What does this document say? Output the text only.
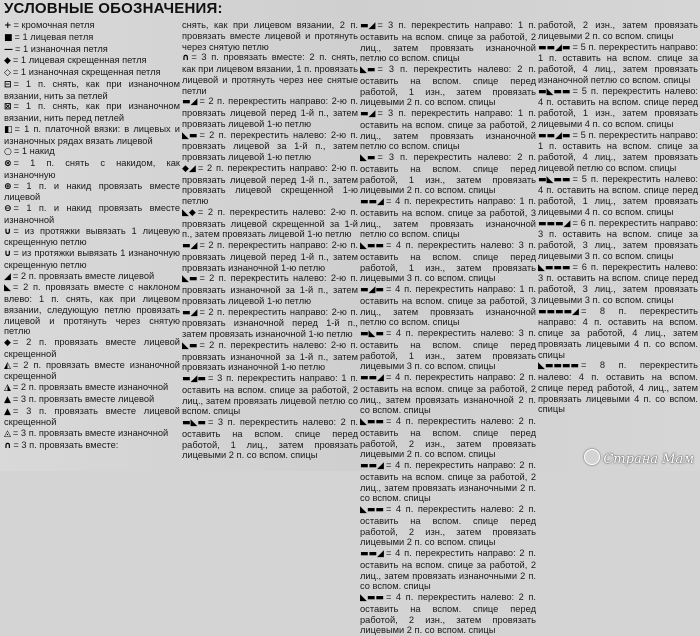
УСЛОВНЫЕ ОБОЗНАЧЕНИЯ:
+ = кромочная петля
■ = 1 лицевая петля
— = 1 изнаночная петля
◆ = 1 лицевая скрещенная петля
◇ = 1 изнаночная скрещенная петля
⊟ = 1 п. снять, как при изнаночном вязании, нить за петлей
⊠ = 1 п. снять, как при изнаночном вязании, нить перед петлей
◧ = 1 п. платочной вязки: в лицевых и изнаночных рядах вязать лицевой
○ = 1 накид
⊗ = 1 п. снять с накидом, как изнаночную
⊕ = 1 п. и накид провязать вместе лицевой
⊖ = 1 п. и накид провязать вместе изнаночной
∪ = из протяжки вывязать 1 лицевую скрещенную петлю
∪ = из протяжки вывязать 1 изнаночную скрещенную петлю
◢ = 2 п. провязать вместе лицевой
◣ = 2 п. провязать вместе с наклоном влево: 1 п. снять, как при лицевом вязании, следующую петлю провязать лицевой и протянуть через снятую петлю
◆ = 2 п. провязать вместе лицевой скрещенной
◭ = 2 п. провязать вместе изнаночной скрещенной
◮ = 2 п. провязать вместе изнаночной
▲ = 3 п. провязать вместе лицевой
▲ = 3 п. провязать вместе лицевой скрещенной
◬ = 3 п. провязать вместе изнаночной
∩ = 3 п. провязать вместе:
снять, как при лицевом вязании, 2 п. провязать вместе лицевой и протянуть через снятую петлю
∩ = 3 п. провязать вместе: 2 п. снять, как при лицевом вязании, 1 п. провязать лицевой и протянуть через нее снятые петли
▬◢ = 2 п. перекрестить направо: 2-ю п. провязать лицевой перед 1-й п., затем провязать лицевой 1-ю петлю
◣▬ = 2 п. перекрестить налево: 2-ю п. провязать лицевой за 1-й п., затем провязать лицевой 1-ю петлю
◆◢ = 2 п. перекрестить направо: 2-ю п. провязать лицевой перед 1-й п., затем провязать лицевой скрещенной 1-ю петлю
◣◆ = 2 п. перекрестить налево: 2-ю п. провязать лицевой скрещенной за 1-й п., затем провязать лицевой 1-ю петлю
▬◢ = 2 п. перекрестить направо: 2-ю п. провязать лицевой перед 1-й п., затем провязать изнаночной 1-ю петлю
◣▬ = 2 п. перекрестить налево: 2-ю п. провязать изнаночной за 1-й п., затем провязать лицевой 1-ю петлю
▬◢ = 2 п. перекрестить направо: 2-ю п. провязать изнаночной перед 1-й п., затем провязать изнаночной 1-ю петлю
◣▬ = 2 п. перекрестить налево: 2-ю п. провязать изнаночной за 1-й п., затем провязать изнаночной 1-ю петлю
▬◢▬ = 3 п. перекрестить направо: 1 п. оставить на вспом. спице за работой, 2 лиц., затем провязать лицевой петлю со вспом. спицы
▬◣▬ = 3 п. перекрестить налево: 2 п. оставить на вспом. спице перед работой, 1 лиц., затем провязать лицевыми 2 п. со вспом. спицы
▬◢ = 3 п. перекрестить направо: 1 п. оставить на вспом. спице за работой, 2 лиц., затем провязать изнаночной петлю со вспом. спицы
◣▬ = 3 п. перекрестить налево: 2 п. оставить на вспом. спице перед работой, 1 изн., затем провязать лицевыми 2 п. со вспом. спицы
▬◢ = 3 п. перекрестить направо: 1 п. оставить на вспом. спице за работой, 2 лиц., затем провязать изнаночной петлю со вспом. спицы
◣▬ = 3 п. перекрестить налево: 2 п. оставить на вспом. спице перед работой, 1 изн., затем провязать лицевыми 2 п. со вспом. спицы
▬▬◢ = 4 п. перекрестить направо: 1 п. оставить на вспом. спице за работой, 3 лиц., затем провязать изнаночной петлю со вспом. спицы
◣▬▬ = 4 п. перекрестить налево: 3 п. оставить на вспом. спице перед работой, 1 изн., затем провязать лицевыми 3 п. со вспом. спицы
▬◢▬ = 4 п. перекрестить направо: 1 п. оставить на вспом. спице за работой, 3 лиц., затем провязать изнаночной петлю со вспом. спицы
▬◣▬ = 4 п. перекрестить налево: 3 п. оставить на вспом. спице перед работой, 1 изн., затем провязать лицевыми 3 п. со вспом. спицы
▬▬◢ = 4 п. перекрестить направо: 2 п. оставить на вспом. спице за работой, 2 лиц., затем провязать изнаночной 2 п. со вспом. спицы
◣▬▬ = 4 п. перекрестить налево: 2 п. оставить на вспом. спице перед работой, 2 изн., затем провязать лицевыми 2 п. со вспом. спицы
▬▬◢ = 4 п. перекрестить направо: 2 п. оставить на вспом. спице за работой, 2 лиц., затем провязать изнаночными 2 п. со вспом. спицы
◣▬▬ = 4 п. перекрестить налево: 2 п. оставить на вспом. спице перед работой, 2 изн., затем провязать лицевыми 2 п. со вспом. спицы
▬▬◢ = 4 п. перекрестить направо: 2 п. оставить на вспом. спице за работой, 2 лиц., затем провязать изнаночными 2 п. со вспом. спицы
◣▬▬ = 4 п. перекрестить налево: 2 п. оставить на вспом. спице перед работой, 2 изн., затем провязать лицевыми 2 п. со вспом. спицы
работой, 2 изн., затем провязать лицевыми 2 п. со вспом. спицы
▬▬◢▬ = 5 п. перекрестить направо: 1 п. оставить на вспом. спице за работой, 4 лиц., затем провязать изнаночной петлю со вспом. спицы
▬◣▬▬ = 5 п. перекрестить налево: 4 п. оставить на вспом. спице перед работой, 1 изн., затем провязать лицевыми 4 п. со вспом. спицы
▬▬◢▬ = 5 п. перекрестить направо: 1 п. оставить на вспом. спице за работой, 4 лиц., затем провязать лицевой петлю со вспом. спицы
▬◣▬▬ = 5 п. перекрестить налево: 4 п. оставить на вспом. спице перед работой, 1 лиц., затем провязать лицевыми 4 п. со вспом. спицы
▬▬▬◢ = 6 п. перекрестить направо: 3 п. оставить на вспом. спице за работой, 3 лиц., затем провязать лицевыми 3 п. со вспом. спицы
◣▬▬▬ = 6 п. перекрестить налево: 3 п. оставить на вспом. спице перед работой, 3 лиц., затем провязать лицевыми 3 п. со вспом. спицы
▬▬▬▬◢ = 8 п. перекрестить направо: 4 п. оставить на вспом. спице за работой, 4 лиц., затем провязать лицевыми 4 п. со вспом. спицы
◣▬▬▬▬ = 8 п. перекрестить налево: 4 п. оставить на вспом. спице перед работой, 4 лиц., затем провязать лицевыми 4 п. со вспом. спицы
Страна Мам
